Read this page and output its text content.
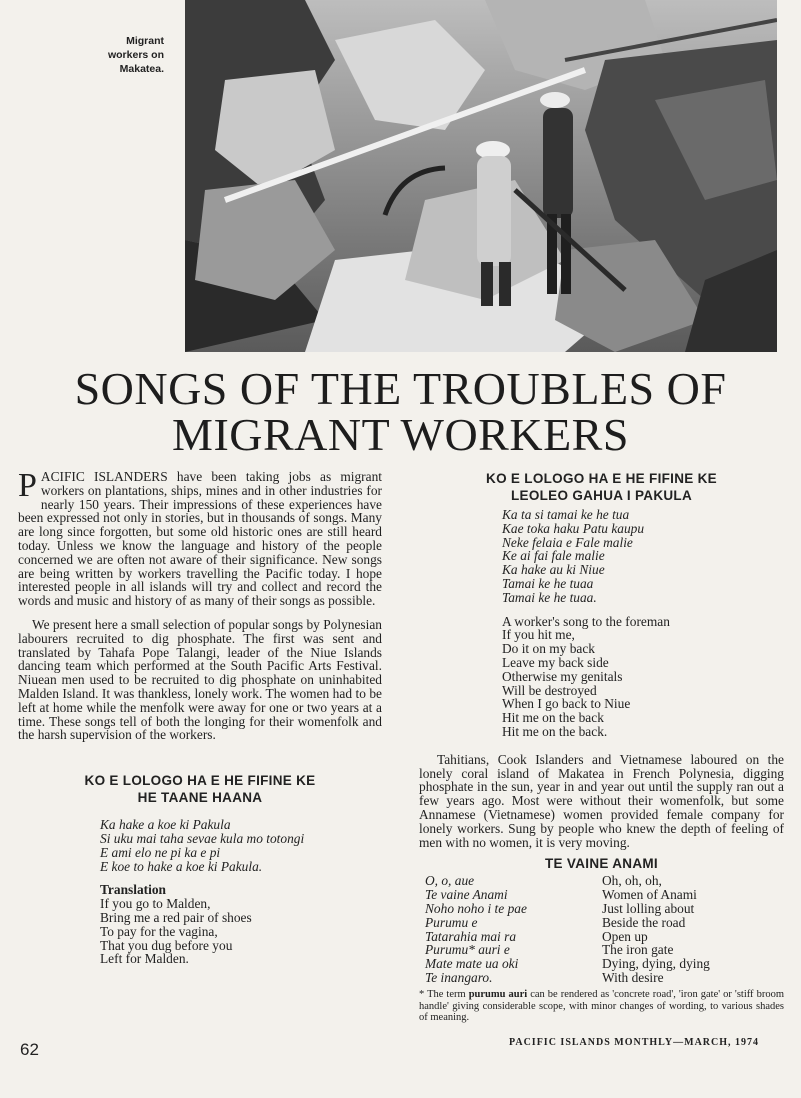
Migrant
workers on
Makatea.
SONGS OF THE TROUBLES OF
MIGRANT WORKERS

PACIFIC ISLANDERS have been taking jobs as migrant workers on plantations, ships, mines and in other industries for nearly 150 years. Their impressions of these experiences have been expressed not only in stories, but in thousands of songs. Many are long since forgotten, but some old historic ones are still heard today. Unless we know the language and history of the people concerned we are often not aware of their significance. New songs are being written by workers travelling the Pacific today. I hope interested people in all islands will try and collect and record the words and music and history of as many of their songs as possible.

We present here a small selection of popular songs by Polynesian labourers recruited to dig phosphate. The first was sent and translated by Tahafa Pope Talangi, leader of the Niue Islands dancing team which performed at the South Pacific Arts Festival. Niuean men used to be recruited to dig phosphate on uninhabited Malden Island. It was thankless, lonely work. The women had to be left at home while the menfolk were away for one or two years at a time. These songs tell of both the longing for their womenfolk and the harsh supervision of the workers.

KO E LOLOGO HA E HE FIFINE KE
HE TAANE HAANA
Ka hake a koe ki Pakula
Si uku mai taha sevae kula mo totongi
E ami elo ne pi ka e pi
E koe to hake a koe ki Pakula.
Translation
If you go to Malden,
Bring me a red pair of shoes
To pay for the vagina,
That you dug before you
Left for Malden.
KO E LOLOGO HA E HE FIFINE KE
LEOLEO GAHUA I PAKULA
Ka ta si tamai ke he tua
Kae toka haku Patu kaupu
Neke felaia e Fale malie
Ke ai fai fale malie
Ka hake au ki Niue
Tamai ke he tuaa
Tamai ke he tuaa.
A worker's song to the foreman
If you hit me,
Do it on my back
Leave my back side
Otherwise my genitals
Will be destroyed
When I go back to Niue
Hit me on the back
Hit me on the back.

Tahitians, Cook Islanders and Vietnamese laboured on the lonely coral island of Makatea in French Polynesia, digging phosphate in the sun, year in and year out until the supply ran out a few years ago. Most were without their womenfolk, but some Annamese (Vietnamese) women provided female company for lonely workers. Sung by people who knew the depth of feeling of men with no women, it is very moving.

TE VAINE ANAMI
O, o, aue
Te vaine Anami
Noho noho i te pae
Purumu e
Tatarahia mai ra
Purumu* auri e
Mate mate ua oki
Te inangaro.
Oh, oh, oh,
Women of Anami
Just lolling about
Beside the road
Open up
The iron gate
Dying, dying, dying
With desire
* The term purumu auri can be rendered as 'concrete road', 'iron gate' or 'stiff broom handle' giving considerable scope, with minor changes of wording, to various shades of meaning.
62	PACIFIC ISLANDS MONTHLY—MARCH, 1974
